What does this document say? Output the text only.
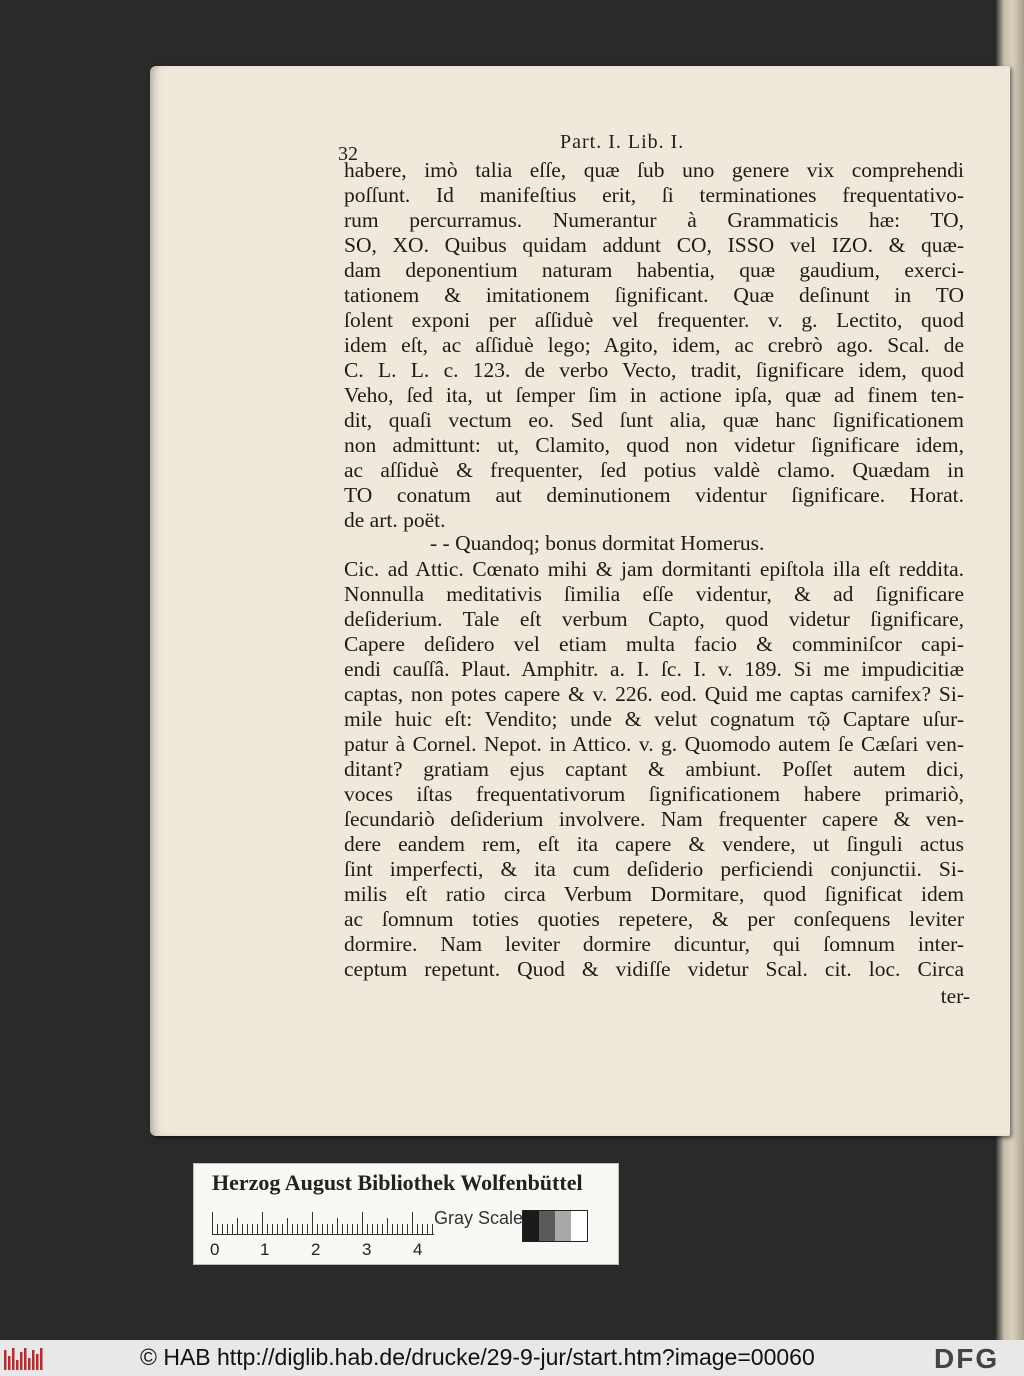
32
Part. I. Lib. I.
habere, imò talia eſſe, quæ ſub uno genere vix comprehendi
poſſunt. Id manifeſtius erit, ſi terminationes frequentativo-
rum percurramus. Numerantur à Grammaticis hæ: TO,
SO, XO. Quibus quidam addunt CO, ISSO vel IZO. & quæ-
dam deponentium naturam habentia, quæ gaudium, exerci-
tationem & imitationem ſignificant. Quæ deſinunt in TO
ſolent exponi per aſſiduè vel frequenter. v. g. Lectito, quod
idem eſt, ac aſſiduè lego; Agito, idem, ac crebrò ago. Scal. de
C. L. L. c. 123. de verbo Vecto, tradit, ſignificare idem, quod
Veho, ſed ita, ut ſemper ſim in actione ipſa, quæ ad finem ten-
dit, quaſi vectum eo. Sed ſunt alia, quæ hanc ſignificationem
non admittunt: ut, Clamito, quod non videtur ſignificare idem,
ac aſſiduè & frequenter, ſed potius valdè clamo. Quædam in
TO conatum aut deminutionem videntur ſignificare. Horat.
de art. poët.
- - Quandoq; bonus dormitat Homerus.
Cic. ad Attic. Cœnato mihi & jam dormitanti epiſtola illa eſt reddita.
Nonnulla meditativis ſimilia eſſe videntur, & ad ſignificare
deſiderium. Tale eſt verbum Capto, quod videtur ſignificare,
Capere deſidero vel etiam multa facio & comminiſcor capi-
endi cauſſâ. Plaut. Amphitr. a. I. ſc. I. v. 189. Si me impudicitiæ
captas, non potes capere & v. 226. eod. Quid me captas carnifex? Si-
mile huic eſt: Vendito; unde & velut cognatum τῷ Captare uſur-
patur à Cornel. Nepot. in Attico. v. g. Quomodo autem ſe Cæſari ven-
ditant? gratiam ejus captant & ambiunt. Poſſet autem dici,
voces iſtas frequentativorum ſignificationem habere primariò,
ſecundariò deſiderium involvere. Nam frequenter capere & ven-
dere eandem rem, eſt ita capere & vendere, ut ſinguli actus
ſint imperfecti, & ita cum deſiderio perficiendi conjunctii. Si-
milis eſt ratio circa Verbum Dormitare, quod ſignificat idem
ac ſomnum toties quoties repetere, & per conſequens leviter
dormire. Nam leviter dormire dicuntur, qui ſomnum inter-
ceptum repetunt. Quod & vidiſſe videtur Scal. cit. loc. Circa
ter-
Herzog August Bibliothek Wolfenbüttel
0 1 2 3 4
Gray Scale
© HAB http://diglib.hab.de/drucke/29-9-jur/start.htm?image=00060	DFG
